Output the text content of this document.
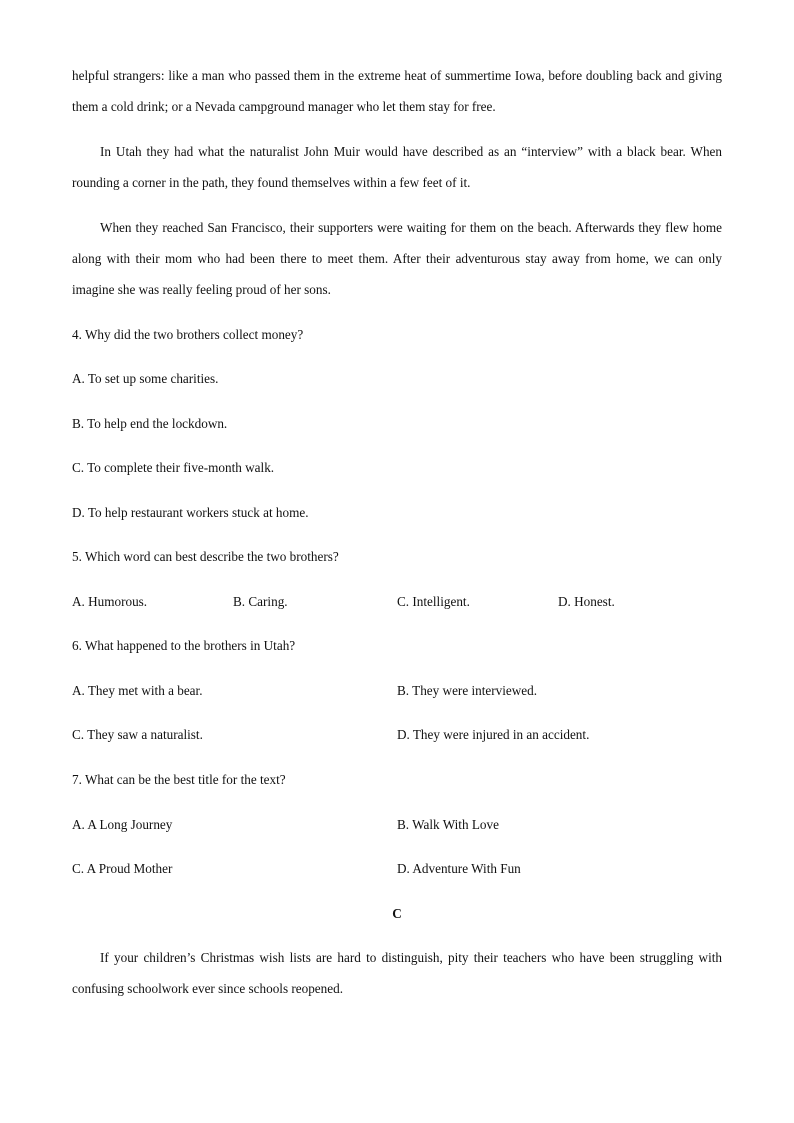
helpful strangers: like a man who passed them in the extreme heat of summertime Iowa, before doubling back and giving them a cold drink; or a Nevada campground manager who let them stay for free.

In Utah they had what the naturalist John Muir would have described as an “interview” with a black bear. When rounding a corner in the path, they found themselves within a few feet of it.

When they reached San Francisco, their supporters were waiting for them on the beach. Afterwards they flew home along with their mom who had been there to meet them. After their adventurous stay away from home, we can only imagine she was really feeling proud of her sons.

4. Why did the two brothers collect money?
A. To set up some charities.
B. To help end the lockdown.
C. To complete their five-month walk.
D. To help restaurant workers stuck at home.
5. Which word can best describe the two brothers?
A. Humorous.	B. Caring.	C. Intelligent.	D. Honest.
6. What happened to the brothers in Utah?
A. They met with a bear.	B. They were interviewed.
C. They saw a naturalist.	D. They were injured in an accident.
7. What can be the best title for the text?
A. A Long Journey	B. Walk With Love
C. A Proud Mother	D. Adventure With Fun
C

If your children’s Christmas wish lists are hard to distinguish, pity their teachers who have been struggling with confusing schoolwork ever since schools reopened.
